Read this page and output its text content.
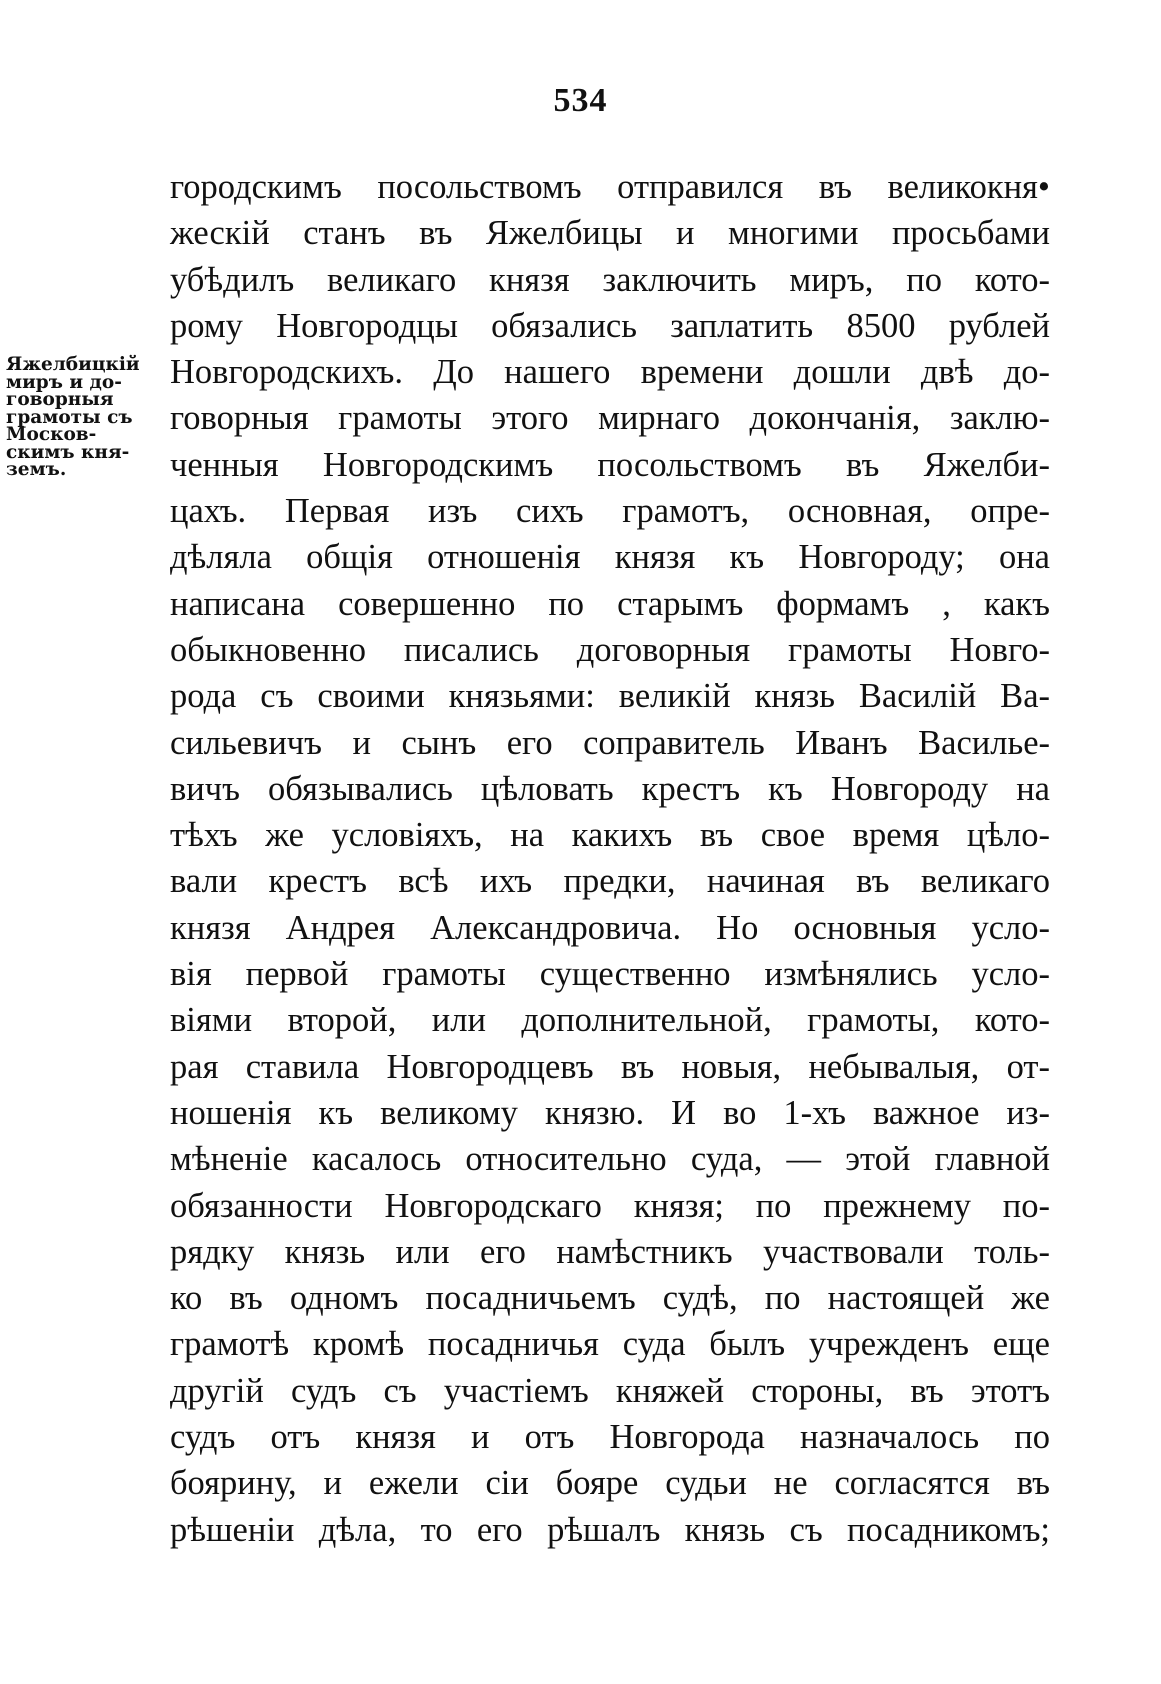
534
Яжелбицкій
миръ и до-
говорныя
грамоты съ
Москов-
скимъ кня-
земъ.
городскимъ посольствомъ отправился въ великокня•
жескій станъ въ Яжелбицы и многими просьбами
убѣдилъ великаго князя заключить миръ, по кото-
рому Новгородцы обязались заплатить 8500 рублей
Новгородскихъ. До нашего времени дошли двѣ до-
говорныя грамоты этого мирнаго докончанія, заклю-
ченныя Новгородскимъ посольствомъ въ Яжелби-
цахъ. Первая изъ сихъ грамотъ, основная, опре-
дѣляла общія отношенія князя къ Новгороду; она
написана совершенно по старымъ формамъ , какъ
обыкновенно писались договорныя грамоты Новго-
рода съ своими князьями: великій князь Василій Ва-
сильевичъ и сынъ его соправитель Иванъ Василье-
вичъ обязывались цѣловать крестъ къ Новгороду на
тѣхъ же условіяхъ, на какихъ въ свое время цѣло-
вали крестъ всѣ ихъ предки, начиная въ великаго
князя Андрея Александровича. Но основныя усло-
вія первой грамоты существенно измѣнялись усло-
віями второй, или дополнительной, грамоты, кото-
рая ставила Новгородцевъ въ новыя, небывалыя, от-
ношенія къ великому князю. И во 1-хъ важное из-
мѣненіе касалось относительно суда, — этой главной
обязанности Новгородскаго князя; по прежнему по-
рядку князь или его намѣстникъ участвовали толь-
ко въ одномъ посадничьемъ судѣ, по настоящей же
грамотѣ кромѣ посадничья суда былъ учрежденъ еще
другій судъ съ участіемъ княжей стороны, въ этотъ
судъ отъ князя и отъ Новгорода назначалось по
боярину, и ежели сіи бояре судьи не согласятся въ
рѣшеніи дѣла, то его рѣшалъ князь съ посадникомъ;
